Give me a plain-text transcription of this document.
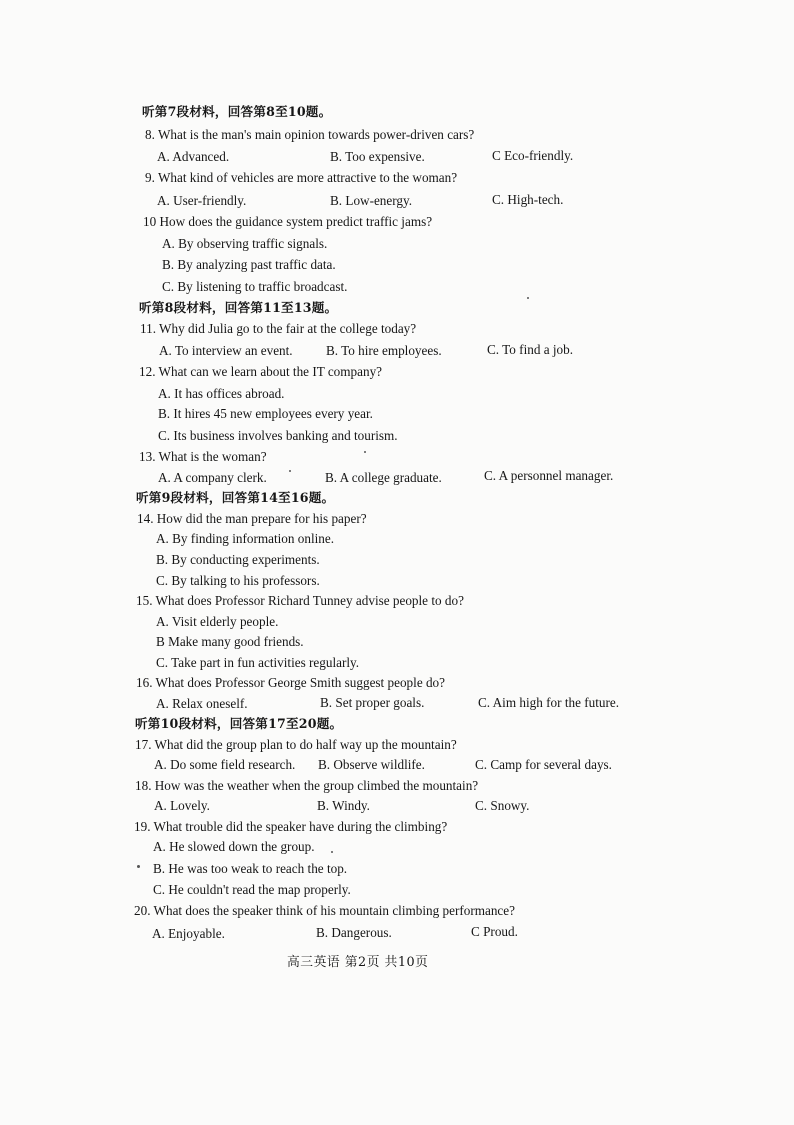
听第7段材料，回答第8至10题。
8. What is the man's main opinion towards power-driven cars?
A. Advanced.	B. Too expensive.	C Eco-friendly.
9. What kind of vehicles are more attractive to the woman?
A. User-friendly.	B. Low-energy.	C. High-tech.
10 How does the guidance system predict traffic jams?
A. By observing traffic signals.
B. By analyzing past traffic data.
C. By listening to traffic broadcast.
听第8段材料，回答第11至13题。
11. Why did Julia go to the fair at the college today?
A. To interview an event.	B. To hire employees.	C. To find a job.
12. What can we learn about the IT company?
A. It has offices abroad.
B. It hires 45 new employees every year.
C. Its business involves banking and tourism.
13. What is the woman?
A. A company clerk.	B. A college graduate.	C. A personnel manager.
听第9段材料，回答第14至16题。
14. How did the man prepare for his paper?
A. By finding information online.
B. By conducting experiments.
C. By talking to his professors.
15. What does Professor Richard Tunney advise people to do?
A. Visit elderly people.
B Make many good friends.
C. Take part in fun activities regularly.
16. What does Professor George Smith suggest people do?
A. Relax oneself.	B. Set proper goals.	C. Aim high for the future.
听第10段材料，回答第17至20题。
17. What did the group plan to do half way up the mountain?
A. Do some field research. B. Observe wildlife.	C. Camp for several days.
18. How was the weather when the group climbed the mountain?
A. Lovely.	B. Windy.	C. Snowy.
19. What trouble did the speaker have during the climbing?
A. He slowed down the group.
B. He was too weak to reach the top.
C. He couldn't read the map properly.
20. What does the speaker think of his mountain climbing performance?
A. Enjoyable.	B. Dangerous.	C Proud.
高三英语 第2页 共10页
